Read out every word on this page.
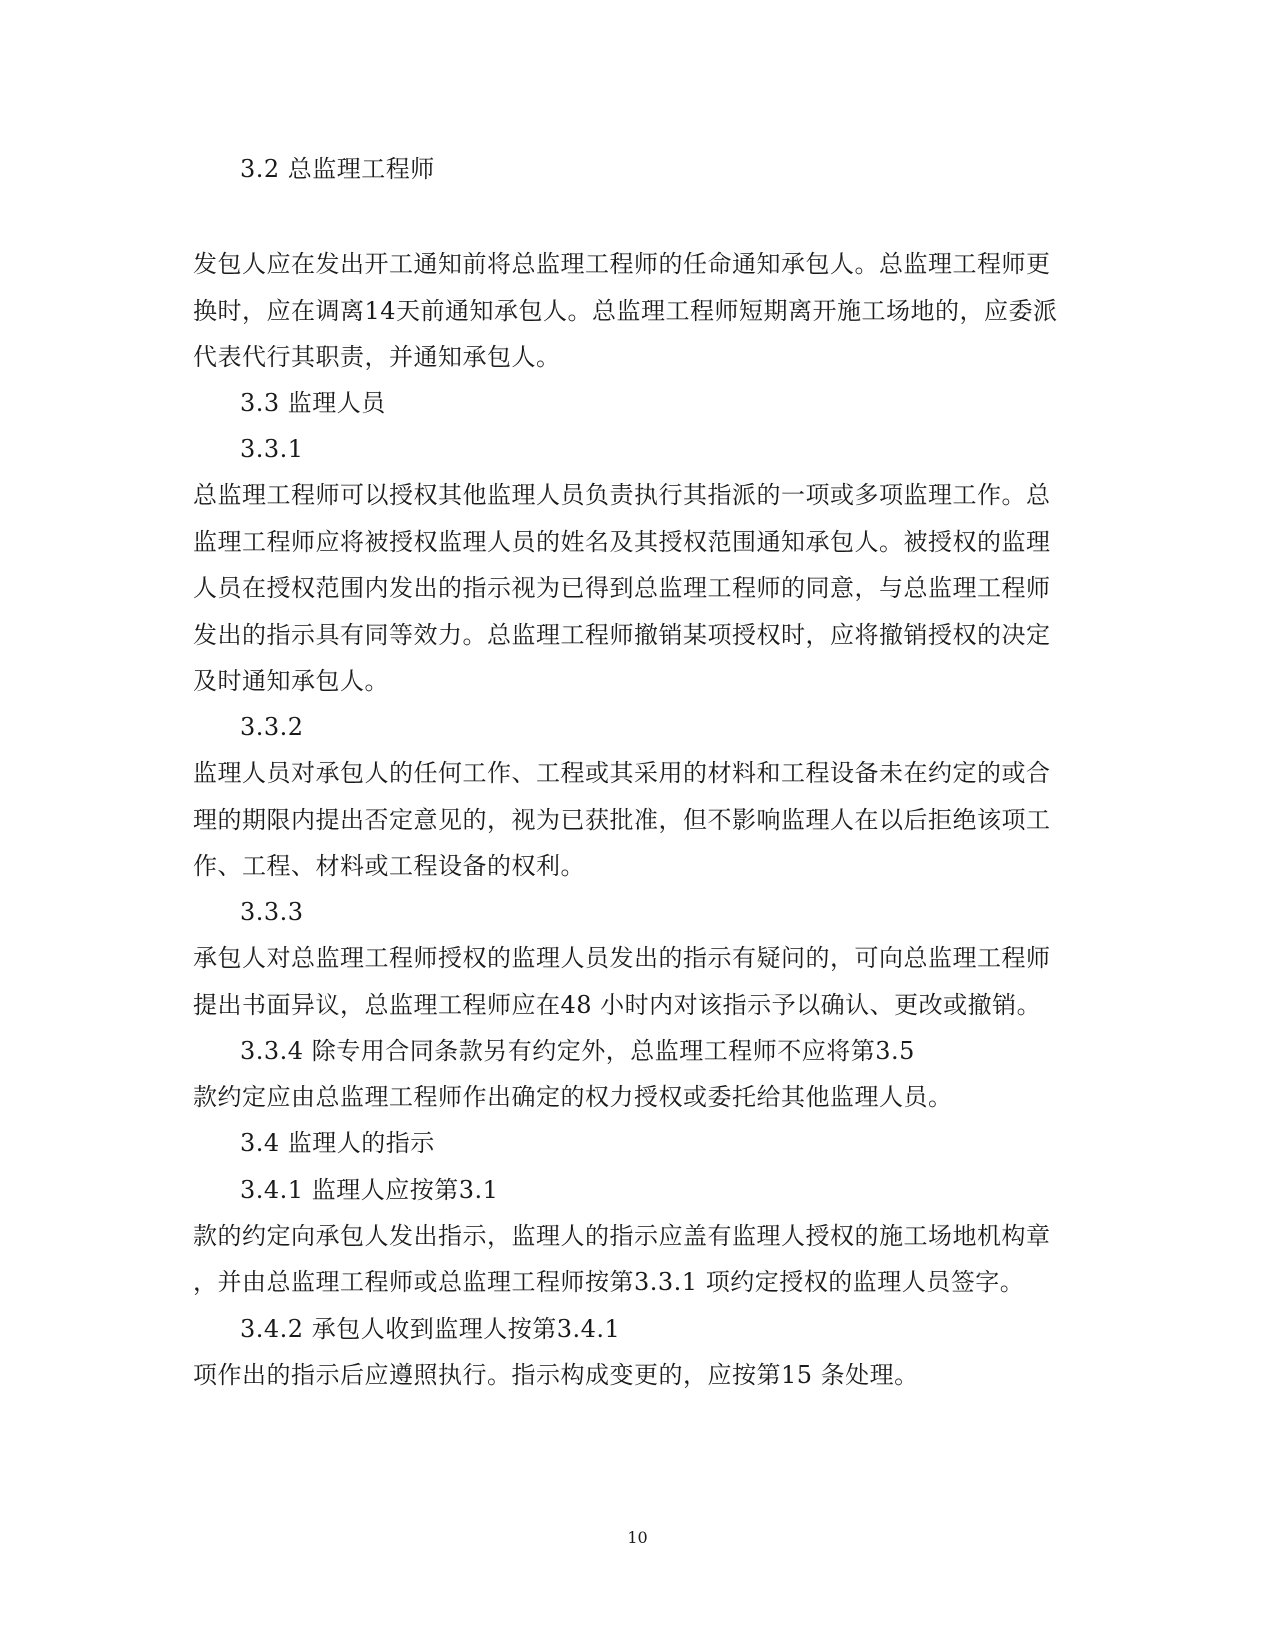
3.2 总监理工程师
发包人应在发出开工通知前将总监理工程师的任命通知承包人。总监理工程师更
换时，应在调离14天前通知承包人。总监理工程师短期离开施工场地的，应委派
代表代行其职责，并通知承包人。
3.3 监理人员
3.3.1
总监理工程师可以授权其他监理人员负责执行其指派的一项或多项监理工作。总
监理工程师应将被授权监理人员的姓名及其授权范围通知承包人。被授权的监理
人员在授权范围内发出的指示视为已得到总监理工程师的同意，与总监理工程师
发出的指示具有同等效力。总监理工程师撤销某项授权时，应将撤销授权的决定
及时通知承包人。
3.3.2
监理人员对承包人的任何工作、工程或其采用的材料和工程设备未在约定的或合
理的期限内提出否定意见的，视为已获批准，但不影响监理人在以后拒绝该项工
作、工程、材料或工程设备的权利。
3.3.3
承包人对总监理工程师授权的监理人员发出的指示有疑问的，可向总监理工程师
提出书面异议，总监理工程师应在48 小时内对该指示予以确认、更改或撤销。
3.3.4 除专用合同条款另有约定外，总监理工程师不应将第3.5
款约定应由总监理工程师作出确定的权力授权或委托给其他监理人员。
3.4 监理人的指示
3.4.1 监理人应按第3.1
款的约定向承包人发出指示，监理人的指示应盖有监理人授权的施工场地机构章
，并由总监理工程师或总监理工程师按第3.3.1 项约定授权的监理人员签字。
3.4.2 承包人收到监理人按第3.4.1
项作出的指示后应遵照执行。指示构成变更的，应按第15 条处理。
10
